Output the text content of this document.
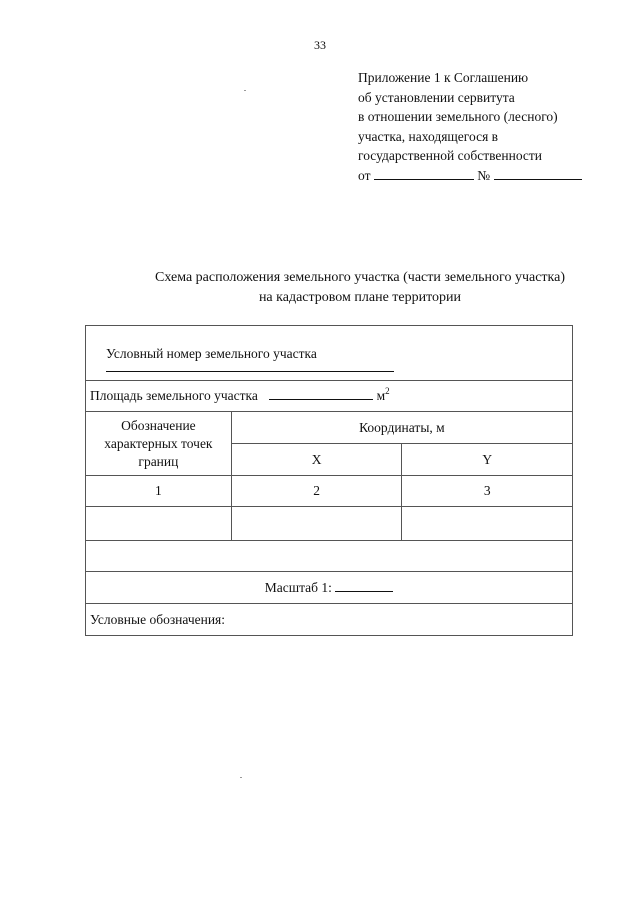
33
Приложение 1 к Соглашению
об установлении сервитута
в отношении земельного (лесного)
участка, находящегося в
государственной собственности
от	№
Схема расположения земельного участка (части земельного участка)
на кадастровом плане территории
Условный номер земельного участка		

Площадь земельного участка $м^2$

Обозначение характерных точек границ	Координаты, м	
	X	Y
1	2	3

Масштаб 1:		
Условные обозначения:		
